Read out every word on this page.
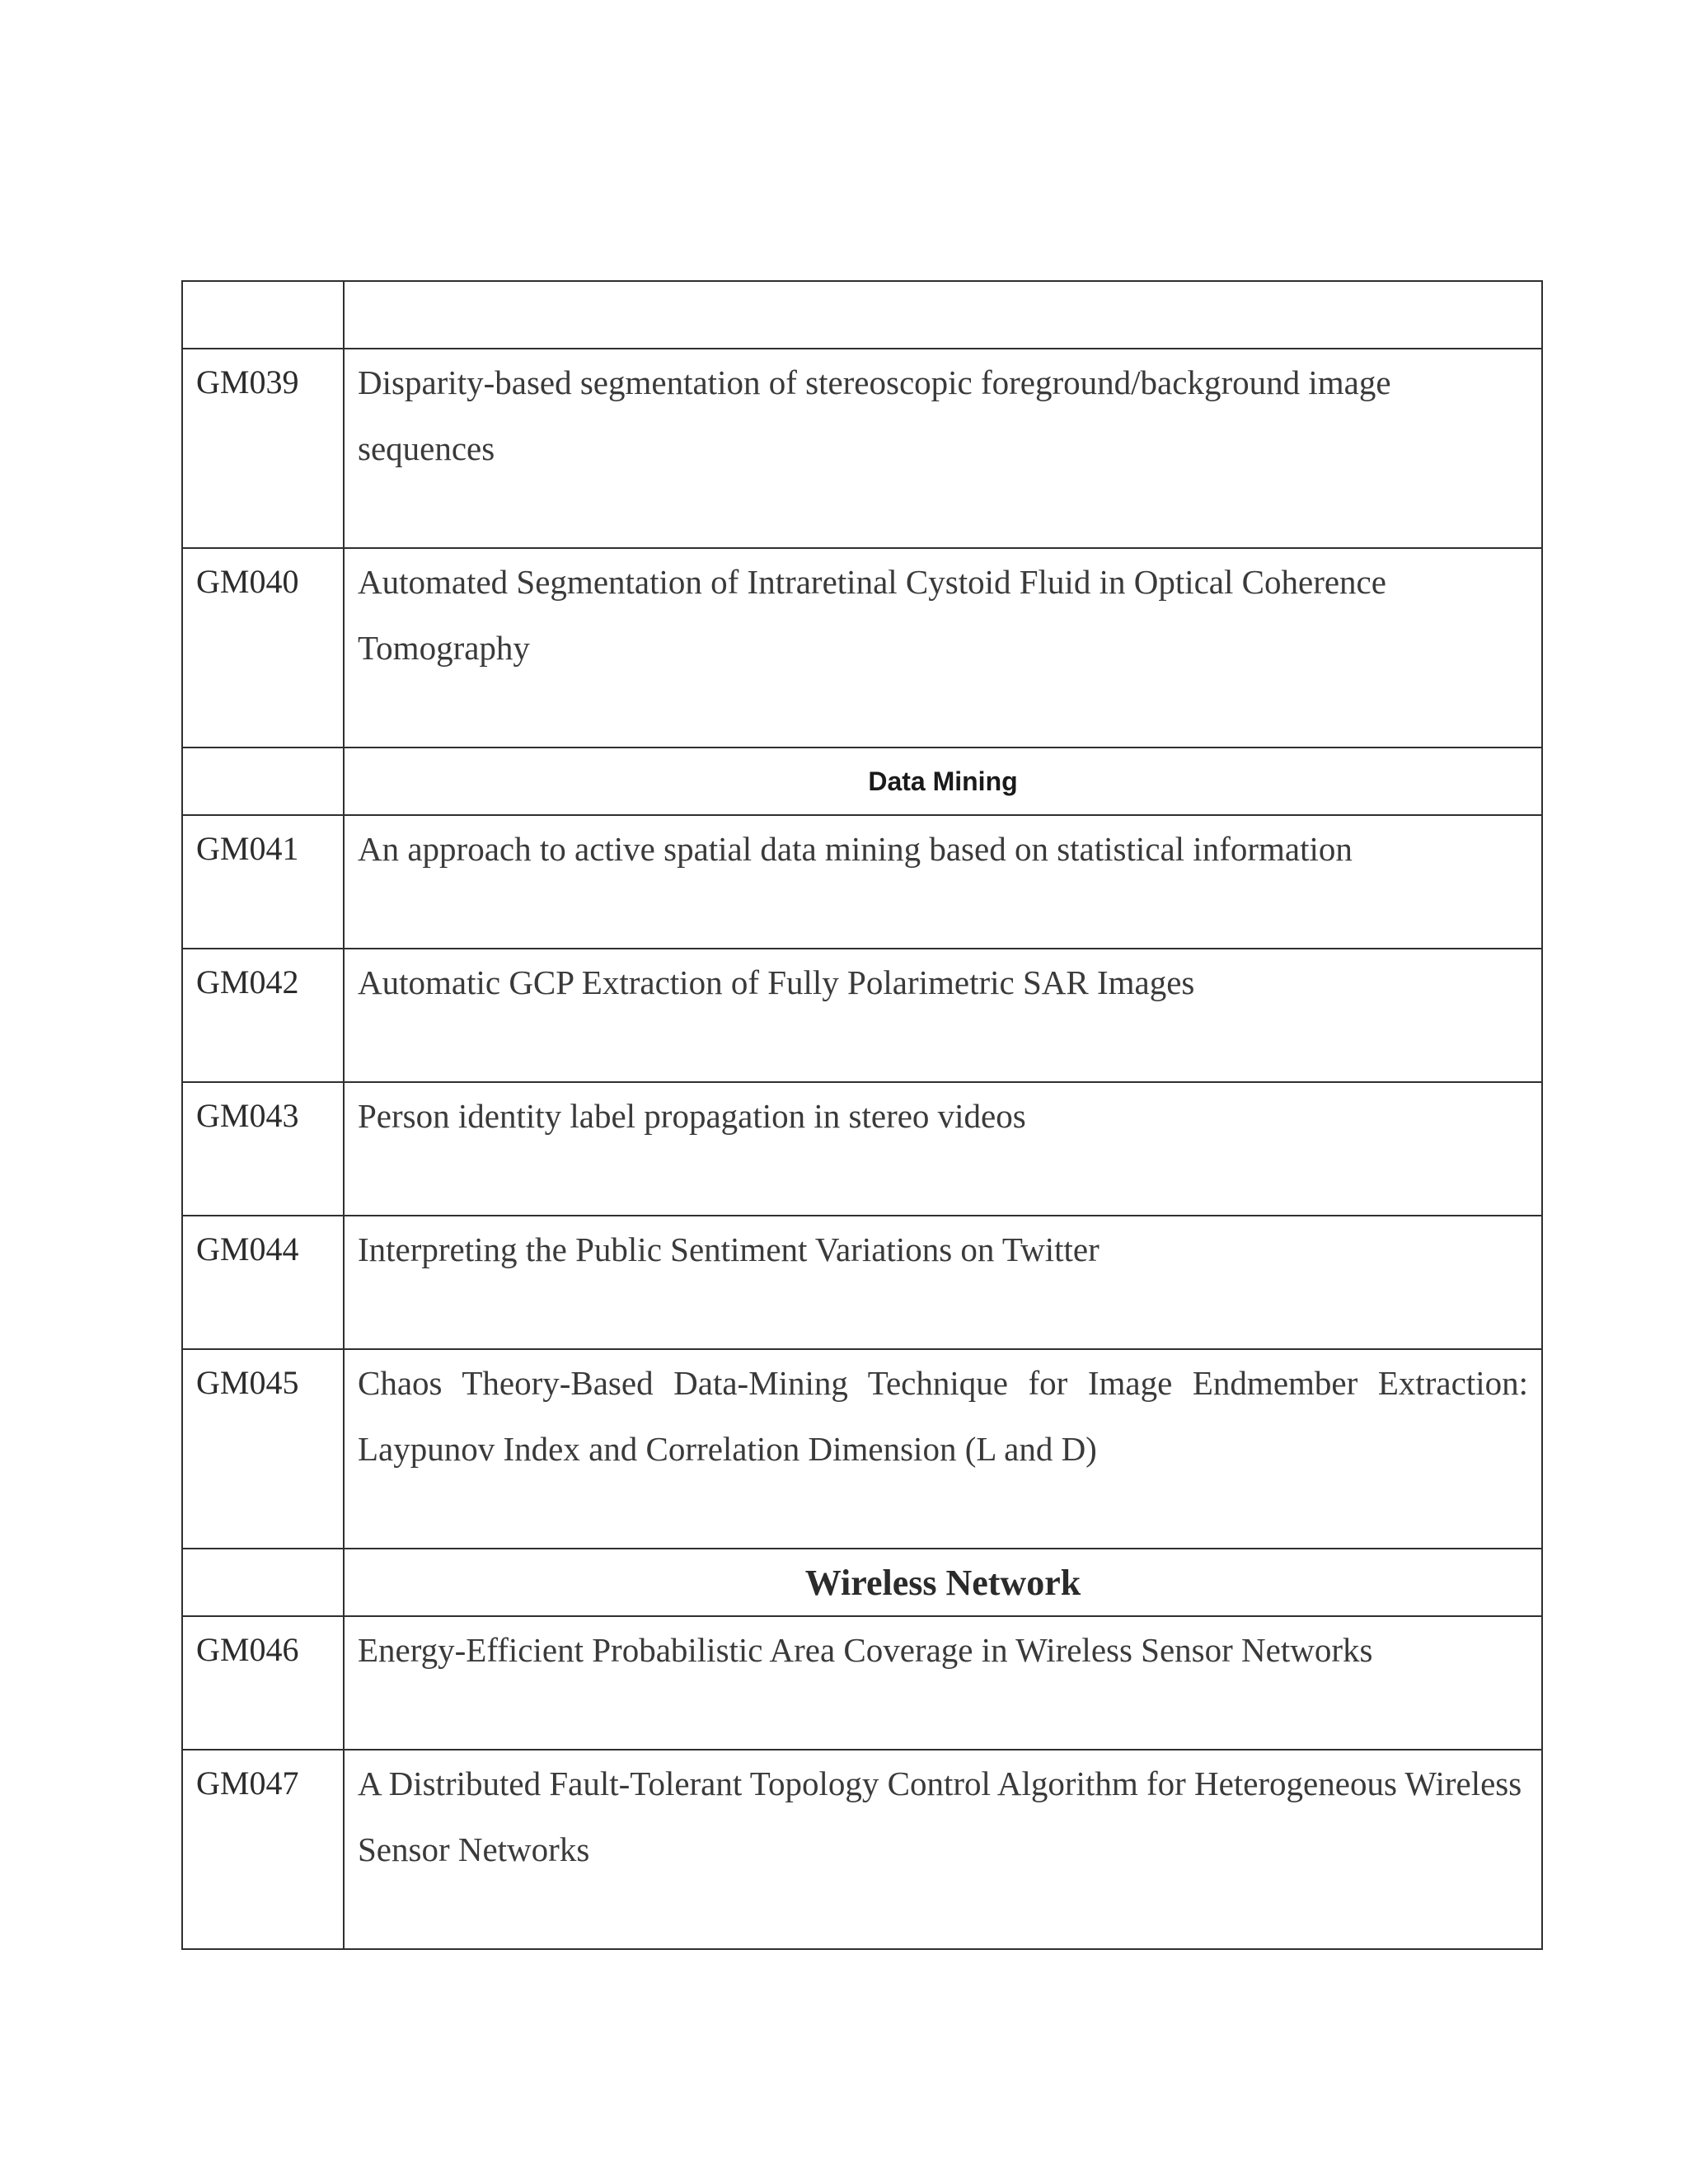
GM039	Disparity-based segmentation of stereoscopic foreground/background image sequences
GM040	Automated Segmentation of Intraretinal Cystoid Fluid in Optical Coherence Tomography
	Data Mining
GM041	An approach to active spatial data mining based on statistical information
GM042	Automatic GCP Extraction of Fully Polarimetric SAR Images
GM043	Person identity label propagation in stereo videos
GM044	Interpreting the Public Sentiment Variations on Twitter
GM045	Chaos Theory-Based Data-Mining Technique for Image Endmember Extraction: Laypunov Index and Correlation Dimension (L and D)
	Wireless Network
GM046	Energy-Efficient Probabilistic Area Coverage in Wireless Sensor Networks
GM047	A Distributed Fault-Tolerant Topology Control Algorithm for Heterogeneous Wireless Sensor Networks
